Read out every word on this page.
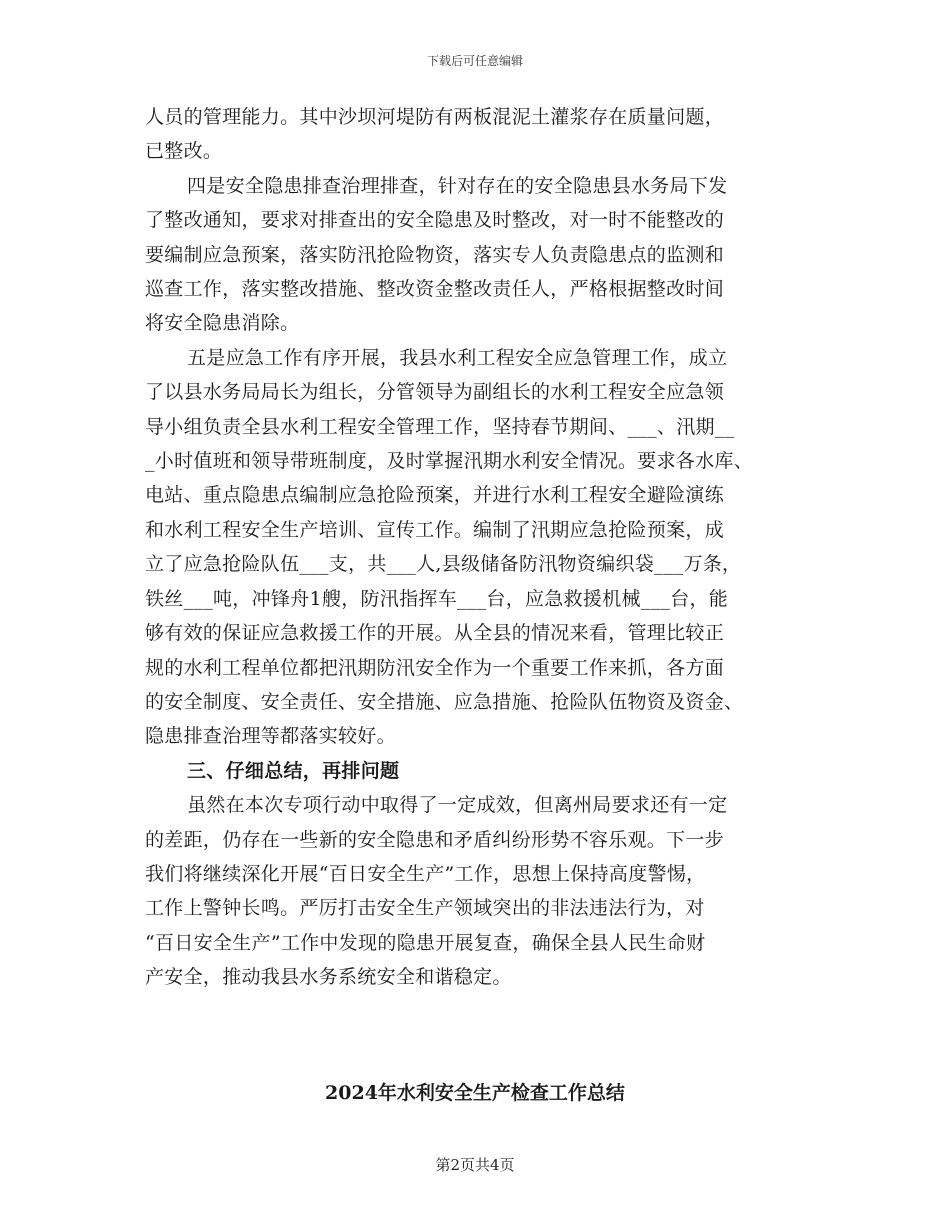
下载后可任意编辑
人员的管理能力。其中沙坝河堤防有两板混泥土灌浆存在质量问题，
已整改。
四是安全隐患排查治理排查，针对存在的安全隐患县水务局下发
了整改通知，要求对排查出的安全隐患及时整改，对一时不能整改的
要编制应急预案，落实防汛抢险物资，落实专人负责隐患点的监测和
巡查工作，落实整改措施、整改资金整改责任人，严格根据整改时间
将安全隐患消除。
五是应急工作有序开展，我县水利工程安全应急管理工作，成立
了以县水务局局长为组长，分管领导为副组长的水利工程安全应急领
导小组负责全县水利工程安全管理工作，坚持春节期间、___、汛期__
_小时值班和领导带班制度，及时掌握汛期水利安全情况。要求各水库、
电站、重点隐患点编制应急抢险预案，并进行水利工程安全避险演练
和水利工程安全生产培训、宣传工作。编制了汛期应急抢险预案，成
立了应急抢险队伍___支，共___人,县级储备防汛物资编织袋___万条，
铁丝___吨，冲锋舟1艘，防汛指挥车___台，应急救援机械___台，能
够有效的保证应急救援工作的开展。从全县的情况来看，管理比较正
规的水利工程单位都把汛期防汛安全作为一个重要工作来抓，各方面
的安全制度、安全责任、安全措施、应急措施、抢险队伍物资及资金、
隐患排查治理等都落实较好。
三、仔细总结，再排问题
虽然在本次专项行动中取得了一定成效，但离州局要求还有一定
的差距，仍存在一些新的安全隐患和矛盾纠纷形势不容乐观。下一步
我们将继续深化开展“百日安全生产”工作，思想上保持高度警惕，
工作上警钟长鸣。严厉打击安全生产领域突出的非法违法行为，对
“百日安全生产”工作中发现的隐患开展复查，确保全县人民生命财
产安全，推动我县水务系统安全和谐稳定。
2024年水利安全生产检查工作总结
第2页共4页
